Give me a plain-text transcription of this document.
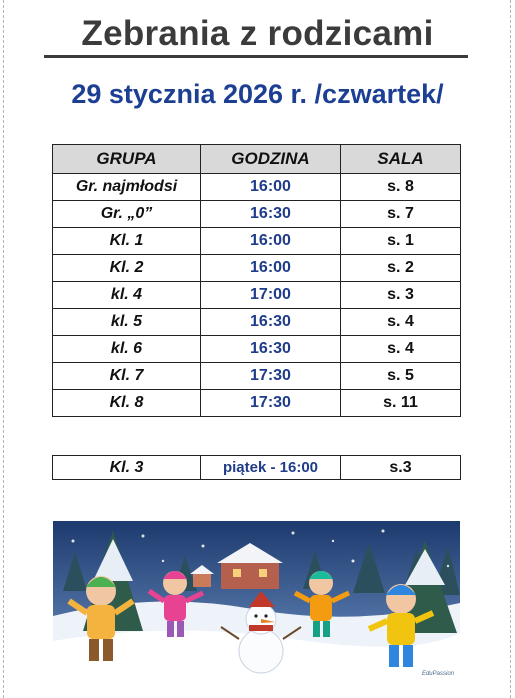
Zebrania z rodzicami
29 stycznia 2026 r. /czwartek/
GRUPA	GODZINA	SALA
Gr. najmłodsi	16:00	s. 8
Gr. „0”	16:30	s. 7
Kl. 1	16:00	s. 1
Kl. 2	16:00	s. 2
kl. 4	17:00	s. 3
kl. 5	16:30	s. 4
kl. 6	16:30	s. 4
Kl. 7	17:30	s. 5
Kl. 8	17:30	s. 11
Kl. 3	piątek - 16:00	s.3
EduPassion
